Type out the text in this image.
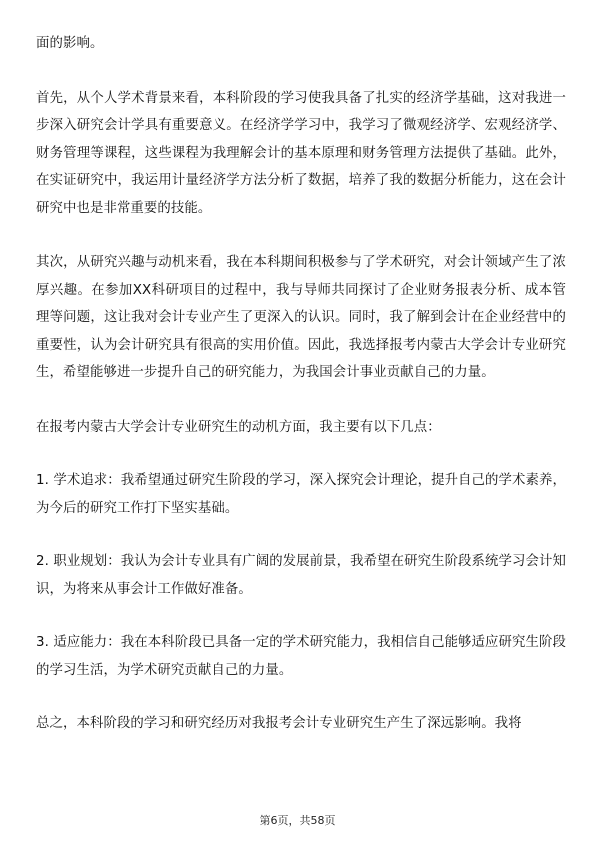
面的影响。

首先，从个人学术背景来看，本科阶段的学习使我具备了扎实的经济学基础，这对我进一步深入研究会计学具有重要意义。在经济学学习中，我学习了微观经济学、宏观经济学、财务管理等课程，这些课程为我理解会计的基本原理和财务管理方法提供了基础。此外，在实证研究中，我运用计量经济学方法分析了数据，培养了我的数据分析能力，这在会计研究中也是非常重要的技能。

其次，从研究兴趣与动机来看，我在本科期间积极参与了学术研究，对会计领域产生了浓厚兴趣。在参加XX科研项目的过程中，我与导师共同探讨了企业财务报表分析、成本管理等问题，这让我对会计专业产生了更深入的认识。同时，我了解到会计在企业经营中的重要性，认为会计研究具有很高的实用价值。因此，我选择报考内蒙古大学会计专业研究生，希望能够进一步提升自己的研究能力，为我国会计事业贡献自己的力量。

在报考内蒙古大学会计专业研究生的动机方面，我主要有以下几点：

1. 学术追求：我希望通过研究生阶段的学习，深入探究会计理论，提升自己的学术素养，为今后的研究工作打下坚实基础。

2. 职业规划：我认为会计专业具有广阔的发展前景，我希望在研究生阶段系统学习会计知识，为将来从事会计工作做好准备。

3. 适应能力：我在本科阶段已具备一定的学术研究能力，我相信自己能够适应研究生阶段的学习生活，为学术研究贡献自己的力量。

总之，本科阶段的学习和研究经历对我报考会计专业研究生产生了深远影响。我将

第6页，共58页
